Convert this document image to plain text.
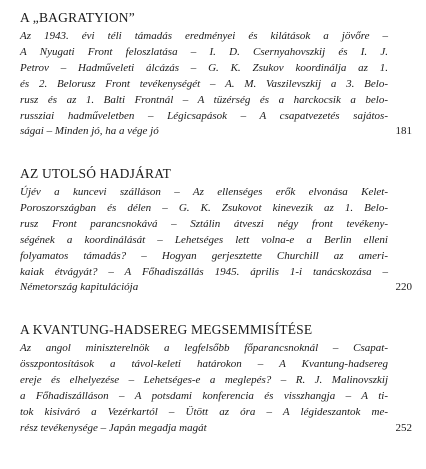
A „BAGRATYION”
Az 1943. évi téli támadás eredményei és kilátások a jövőre –
A Nyugati Front feloszlatása – I. D. Csernyahovszkij és I. J.
Petrov – Hadműveleti álcázás – G. K. Zsukov koordinálja az 1.
és 2. Belorusz Front tevékenységét – A. M. Vaszilevszkij a 3. Belo-
rusz és az 1. Balti Frontnál – A tüzérség és a harckocsik a belo-
russziai hadműveletben – Légicsapások – A csapatvezetés sajátos-
ságai – Minden jó, ha a vége jó	181
AZ UTOLSÓ HADJÁRAT
Újév a kuncevi szálláson – Az ellenséges erők elvonása Kelet-
Poroszországban és délen – G. K. Zsukovot kinevezik az 1. Belo-
rusz Front parancsnokává – Sztálin átveszi négy front tevékeny-
ségének a koordinálását – Lehetséges lett volna-e a Berlin elleni
folyamatos támadás? – Hogyan gerjesztette Churchill az ameri-
kaiak étvágyát? – A Főhadiszállás 1945. április 1-i tanácskozása –
Németország kapitulációja	220
A KVANTUNG-HADSEREG MEGSEMMISÍTÉSE
Az angol miniszterelnök a legfelsőbb főparancsnoknál – Csapat-
összpontosítások a távol-keleti határokon – A Kvantung-hadsereg
ereje és elhelyezése – Lehetséges-e a meglepés? – R. J. Malinovszkij
a Főhadiszálláson – A potsdami konferencia és visszhangja – A ti-
tok kisiváró a Vezérkartól – Ütött az óra – A légideszantok me-
rész tevékenysége – Japán megadja magát	252
